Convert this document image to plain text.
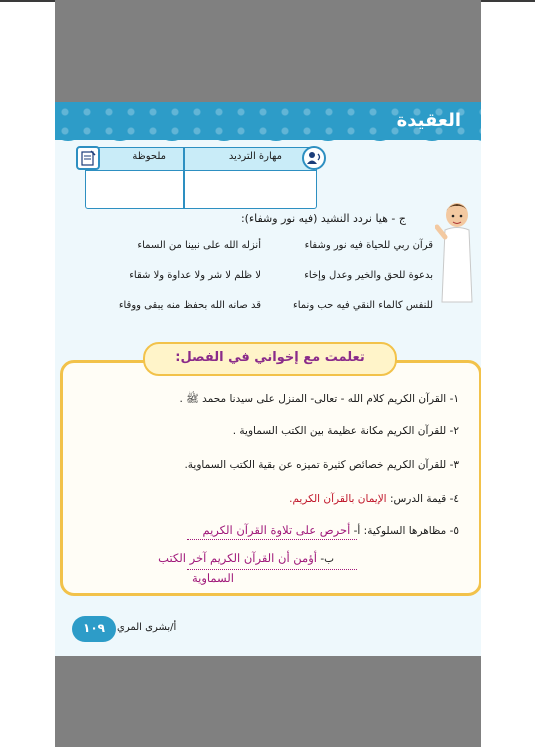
العقيدة
مهارة الترديد
ملحوظة
ج - هيا نردد النشيد (فيه نور وشفاء):
قرآن ربي للحياة فيه نور وشفاء
أنزله الله على نبينا من السماء
بدعوة للحق والخير وعدل وإخاء
لا ظلم لا شر ولا عداوة ولا شقاء
للنفس كالماء النقي فيه حب ونماء
قد صانه الله بحفظ منه يبقى ووقاء
١- القرآن الكريم كلام الله - تعالى- المنزل على سيدنا محمد ﷺ .
٢- للقرآن الكريم مكانة عظيمة بين الكتب السماوية .
٣- للقرآن الكريم خصائص كثيرة تميزه عن بقية الكتب السماوية.
٤- قيمة الدرس: الإيمان بالقرآن الكريم.
٥- مظاهرها السلوكية: أ- أحرص على تلاوة القرآن الكريم
ب- أؤمن أن القرآن الكريم آخر الكتب
السماوية
تعلمت مع إخواني في الفصل:
١٠٩	أ/بشرى المري
